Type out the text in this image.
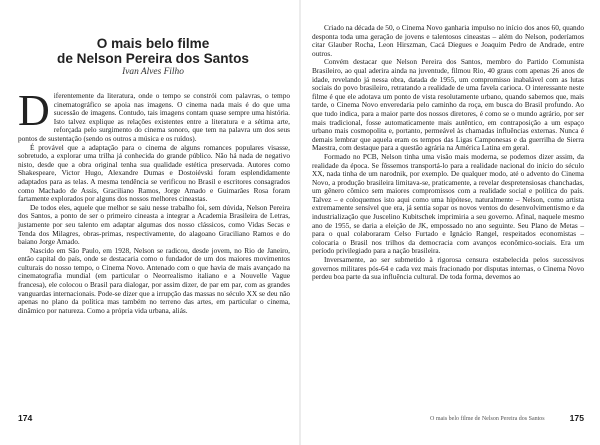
O mais belo filme
de Nelson Pereira dos Santos
Ivan Alves Filho

Diferentemente da literatura, onde o tempo se constrói com palavras, o tempo cinematográfico se apoia nas imagens. O cinema nada mais é do que uma sucessão de imagens. Contudo, tais imagens contam quase sempre uma história. Isto talvez explique as relações existentes entre a literatura e a sétima arte, reforçada pelo surgimento do cinema sonoro, que tem na palavra um dos seus pontos de sustentação (sendo os outros a música e os ruídos).

É provável que a adaptação para o cinema de alguns romances populares visasse, sobretudo, a explorar uma trilha já conhecida do grande público. Não há nada de negativo nisto, desde que a obra original tenha sua qualidade estética preservada. Autores como Shakespeare, Victor Hugo, Alexandre Dumas e Dostoiévski foram esplendidamente adaptados para as telas. A mesma tendência se verificou no Brasil e escritores consagrados como Machado de Assis, Graciliano Ramos, Jorge Amado e Guimarães Rosa foram fartamente explorados por alguns dos nossos melhores cineastas.

De todos eles, aquele que melhor se saiu nesse trabalho foi, sem dúvida, Nelson Pereira dos Santos, a ponto de ser o primeiro cineasta a integrar a Academia Brasileira de Letras, justamente por seu talento em adaptar algumas dos nosso clássicos, como Vidas Secas e Tenda dos Milagres, obras-primas, respectivamente, do alagoano Graciliano Ramos e do baiano Jorge Amado.

Nascido em São Paulo, em 1928, Nelson se radicou, desde jovem, no Rio de Janeiro, então capital do país, onde se destacaria como o fundador de um dos maiores movimentos culturais do nosso tempo, o Cinema Novo. Antenado com o que havia de mais avançado na cinematografia mundial (em particular o Neorrealismo italiano e a Nouvelle Vague francesa), ele colocou o Brasil para dialogar, por assim dizer, de par em par, com as grandes vanguardas internacionais. Pode-se dizer que a irrupção das massas no século XX se deu não apenas no plano da política mas também no terreno das artes, em particular o cinema, dinâmico por natureza. Como a própria vida urbana, aliás.

174

Criado na década de 50, o Cinema Novo ganharia impulso no início dos anos 60, quando despontа toda uma geração de jovens e talentosos cineastas – além do Nelson, poderíamos citar Glauber Rocha, Leon Hirszman, Cacá Diegues e Joaquim Pedro de Andrade, entre outros.

Convém destacar que Nelson Pereira dos Santos, membro do Partido Comunista Brasileiro, ao qual aderira ainda na juventude, filmou Rio, 40 graus com apenas 26 anos de idade, revelando já nessa obra, datada de 1955, um compromisso inabalável com as lutas sociais do povo brasileiro, retratando a realidade de uma favela carioca. O interessante neste filme é que ele adotava um ponto de vista resolutamente urbano, quando sabemos que, mais tarde, o Cinema Novo enveredaria pelo caminho da roça, em busca do Brasil profundo. Ao que tudo indica, para a maior parte dos nossos diretores, é como se o mundo agrário, por ser mais tradicional, fosse automaticamente mais autêntico, em contraposição a um espaço urbano mais cosmopolita e, portanto, permeável às chamadas influências externas. Nunca é demais lembrar que aquela eram os tempos das Ligas Camponesas e da guerrilha de Sierra Maestra, com destaque para a questão agrária na América Latina em geral.

Formado no PCB, Nelson tinha uma visão mais moderna, se podemos dizer assim, da realidade da época. Se fôssemos transportá-lo para a realidade nacional do início do século XX, nada tinha de um narodnik, por exemplo. De qualquer modo, até o advento do Cinema Novo, a produção brasileira limitava-se, praticamente, a revelar despretensiosas chanchadas, um gênero cômico sem maiores compromissos com a realidade social e política do país. Talvez – e coloquemos isto aqui como uma hipótese, naturalmente – Nelson, como artista extremamente sensível que era, já sentia sopar os novos ventos do desenvolvimentismo e da industrialização que Juscelino Kubitschek imprimiria a seu governo. Afinal, naquele mesmo ano de 1955, se daria a eleição de JK, empossado no ano seguinte. Seu Plano de Metas – para o qual colaboraram Celso Furtado e Ignácio Rangel, respeitados economistas – colocaria o Brasil nos trilhos da democracia com avanços econômico-sociais. Era um período privilegiado para a nação brasileira.

Inversamente, ao ser submetido à rigorosa censura estabelecida pelos sucessivos governos militares pós-64 e cada vez mais fracionado por disputas internas, o Cinema Novo perdeu boa parte da sua influência cultural. De toda forma, devemos ao

O mais belo filme de Nelson Pereira dos Santos	175
